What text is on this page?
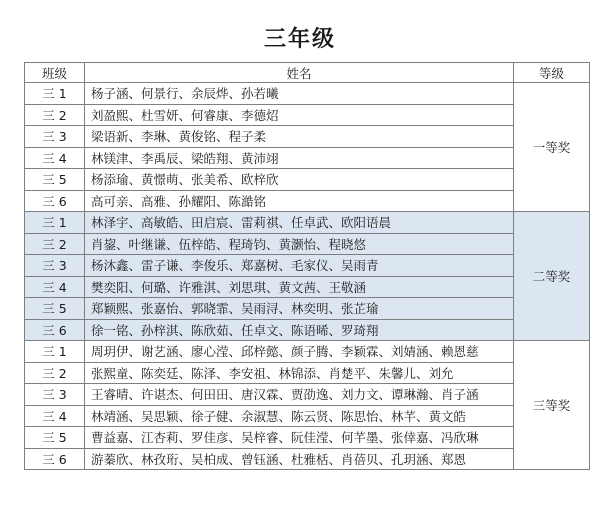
三年级
班级	姓名	等级
三 1	杨子涵、何景行、余辰烨、孙若曦	一等奖
三 2	刘盈熙、杜雪妍、何睿康、李德炤	
三 3	梁语新、李琳、黄俊铭、程子柔	
三 4	林镁津、李禹辰、梁皓翔、黄沛翊	
三 5	杨添瑜、黄憬萌、张美希、欧梓欣	
三 6	高可亲、高雅、孙耀阳、陈澔铭	
三 1	林泽宇、高敏皓、田启宸、雷莉祺、任卓武、欧阳语晨	二等奖
三 2	肖鋆、叶继谦、伍梓皓、程琦钧、黄灏怡、程晓悠	
三 3	杨沐鑫、雷子谦、李俊乐、郑嘉树、毛家仪、吴雨青	
三 4	樊奕阳、何璐、许雅淇、刘思琪、黄文茜、王敬涵	
三 5	郑颖熙、张嘉怡、郭晓霏、吴雨浔、林奕明、张芷瑜	
三 6	徐一铭、孙梓淇、陈欣茹、任卓文、陈语晞、罗琦翔	
三 1	周玥伊、谢艺涵、廖心滢、邱梓懿、颜子腾、李颖霖、刘婧涵、赖恩慈	三等奖
三 2	张熙童、陈奕廷、陈泽、李安祖、林锦添、肖楚平、朱馨儿、刘允	
三 3	王睿晴、许谌杰、何田田、唐汉霖、贾劭逸、刘力文、谭琳瀚、肖子涵	
三 4	林靖涵、吴思颖、徐子健、余淑慧、陈云贤、陈思怡、林芊、黄文皓	
三 5	曹益嘉、江杏莉、罗佳彦、吴梓睿、阮佳滢、何芊墨、张倖嘉、冯欣琳	
三 6	游蓁欣、林孜珩、吴柏成、曾钰涵、杜雅栝、肖蓓贝、孔玥涵、郑恩	
